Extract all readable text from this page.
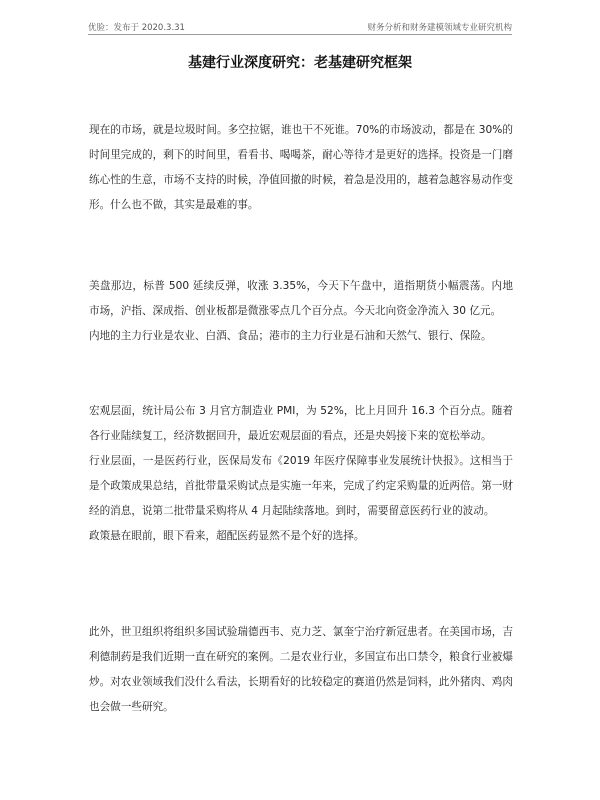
优脸：发布于 2020.3.31	财务分析和财务建模领域专业研究机构
基建行业深度研究：老基建研究框架
现在的市场，就是垃圾时间。多空拉锯，谁也干不死谁。70%的市场波动，都是在 30%的时间里完成的，剩下的时间里，看看书、喝喝茶，耐心等待才是更好的选择。投资是一门磨练心性的生意，市场不支持的时候，净值回撤的时候，着急是没用的，越着急越容易动作变形。什么也不做，其实是最难的事。
美盘那边，标普 500 延续反弹，收涨 3.35%，今天下午盘中，道指期货小幅震荡。内地市场，沪指、深成指、创业板都是微涨零点几个百分点。今天北向资金净流入 30 亿元。
内地的主力行业是农业、白酒、食品；港市的主力行业是石油和天然气、银行、保险。
宏观层面，统计局公布 3 月官方制造业 PMI，为 52%，比上月回升 16.3 个百分点。随着各行业陆续复工，经济数据回升，最近宏观层面的看点，还是央妈接下来的宽松举动。
行业层面，一是医药行业，医保局发布《2019 年医疗保障事业发展统计快报》。这相当于是个政策成果总结，首批带量采购试点是实施一年来，完成了约定采购量的近两倍。第一财经的消息，说第二批带量采购将从 4 月起陆续落地。到时，需要留意医药行业的波动。
政策悬在眼前，眼下看来，超配医药显然不是个好的选择。
此外，世卫组织将组织多国试验瑞德西韦、克力芝、氯奎宁治疗新冠患者。在美国市场，吉利德制药是我们近期一直在研究的案例。二是农业行业，多国宣布出口禁令，粮食行业被爆炒。对农业领域我们没什么看法，长期看好的比较稳定的赛道仍然是饲料，此外猪肉、鸡肉也会做一些研究。
